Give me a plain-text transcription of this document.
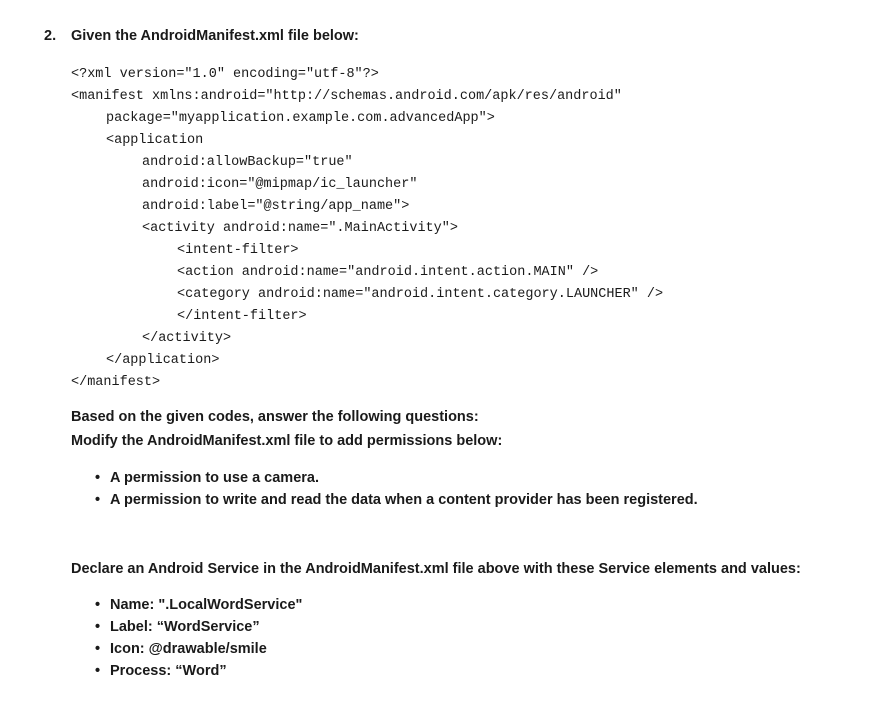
2. Given the AndroidManifest.xml file below:
<?xml version="1.0" encoding="utf-8"?>
<manifest xmlns:android="http://schemas.android.com/apk/res/android"
package="myapplication.example.com.advancedApp">
<application
android:allowBackup="true"
android:icon="@mipmap/ic_launcher"
android:label="@string/app_name">
<activity android:name=".MainActivity">
<intent-filter>
<action android:name="android.intent.action.MAIN" />
<category android:name="android.intent.category.LAUNCHER" />
</intent-filter>
</activity>
</application>
</manifest>
Based on the given codes, answer the following questions:
Modify the AndroidManifest.xml file to add permissions below:
• A permission to use a camera.
• A permission to write and read the data when a content provider has been registered.
Declare an Android Service in the AndroidManifest.xml file above with these Service elements and values:
• Name: ".LocalWordService"
• Label: “WordService”
• Icon: @drawable/smile
• Process: “Word”
